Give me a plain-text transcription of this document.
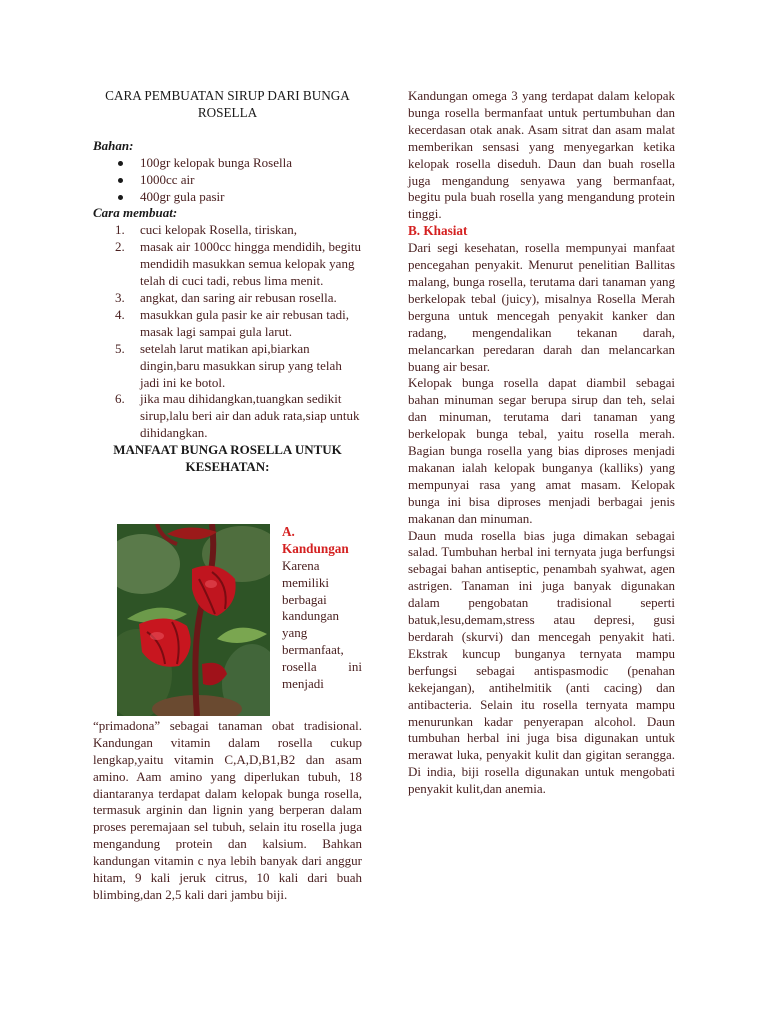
CARA PEMBUATAN SIRUP DARI BUNGA ROSELLA
Bahan:
100gr kelopak bunga Rosella
1000cc air
400gr gula pasir
Cara membuat:
1. cuci kelopak Rosella, tiriskan,
2. masak air 1000cc hingga mendidih, begitu mendidih masukkan semua kelopak yang telah di cuci tadi, rebus lima menit.
3. angkat, dan saring air rebusan rosella.
4. masukkan gula pasir ke air rebusan tadi, masak lagi sampai gula larut.
5. setelah larut matikan api,biarkan dingin,baru masukkan sirup yang telah jadi ini ke botol.
6. jika mau dihidangkan,tuangkan sedikit sirup,lalu beri air dan aduk rata,siap untuk dihidangkan.
MANFAAT BUNGA ROSELLA UNTUK KESEHATAN:
A. Kandungan
Karena memiliki berbagai kandungan yang bermanfaat, rosella ini menjadi

“primadona” sebagai tanaman obat tradisional. Kandungan vitamin dalam rosella cukup lengkap,yaitu vitamin C,A,D,B1,B2 dan asam amino. Aam amino yang diperlukan tubuh, 18 diantaranya terdapat dalam kelopak bunga rosella, termasuk arginin dan lignin yang berperan dalam proses peremajaan sel tubuh, selain itu rosella juga mengandung protein dan kalsium. Bahkan kandungan vitamin c nya lebih banyak dari anggur hitam, 9 kali jeruk citrus, 10 kali dari buah blimbing,dan 2,5 kali dari jambu biji.

Kandungan omega 3 yang terdapat dalam kelopak bunga rosella bermanfaat untuk pertumbuhan dan kecerdasan otak anak. Asam sitrat dan asam malat memberikan sensasi yang menyegarkan ketika kelopak rosella diseduh. Daun dan buah rosella juga mengandung senyawa yang bermanfaat, begitu pula buah rosella yang mengandung protein tinggi.

B. Khasiat

Dari segi kesehatan, rosella mempunyai manfaat pencegahan penyakit. Menurut penelitian Ballitas malang, bunga rosella, terutama dari tanaman yang berkelopak tebal (juicy), misalnya Rosella Merah berguna untuk mencegah penyakit kanker dan radang, mengendalikan tekanan darah, melancarkan peredaran darah dan melancarkan buang air besar.

Kelopak bunga rosella dapat diambil sebagai bahan minuman segar berupa sirup dan teh, selai dan minuman, terutama dari tanaman yang berkelopak bunga tebal, yaitu rosella merah. Bagian bunga rosella yang bias diproses menjadi makanan ialah kelopak bunganya (kalliks) yang mempunyai rasa yang amat masam. Kelopak bunga ini bisa diproses menjadi berbagai jenis makanan dan minuman.

Daun muda rosella bias juga dimakan sebagai salad. Tumbuhan herbal ini ternyata juga berfungsi sebagai bahan antiseptic, penambah syahwat, agen astrigen. Tanaman ini juga banyak digunakan dalam pengobatan tradisional seperti batuk,lesu,demam,stress atau depresi, gusi berdarah (skurvi) dan mencegah penyakit hati. Ekstrak kuncup bunganya ternyata mampu berfungsi sebagai antispasmodic (penahan kekejangan), antihelmitik (anti cacing) dan antibacteria. Selain itu rosella ternyata mampu menurunkan kadar penyerapan alcohol. Daun tumbuhan herbal ini juga bisa digunakan untuk merawat luka, penyakit kulit dan gigitan serangga. Di india, biji rosella digunakan untuk mengobati penyakit kulit,dan anemia.
